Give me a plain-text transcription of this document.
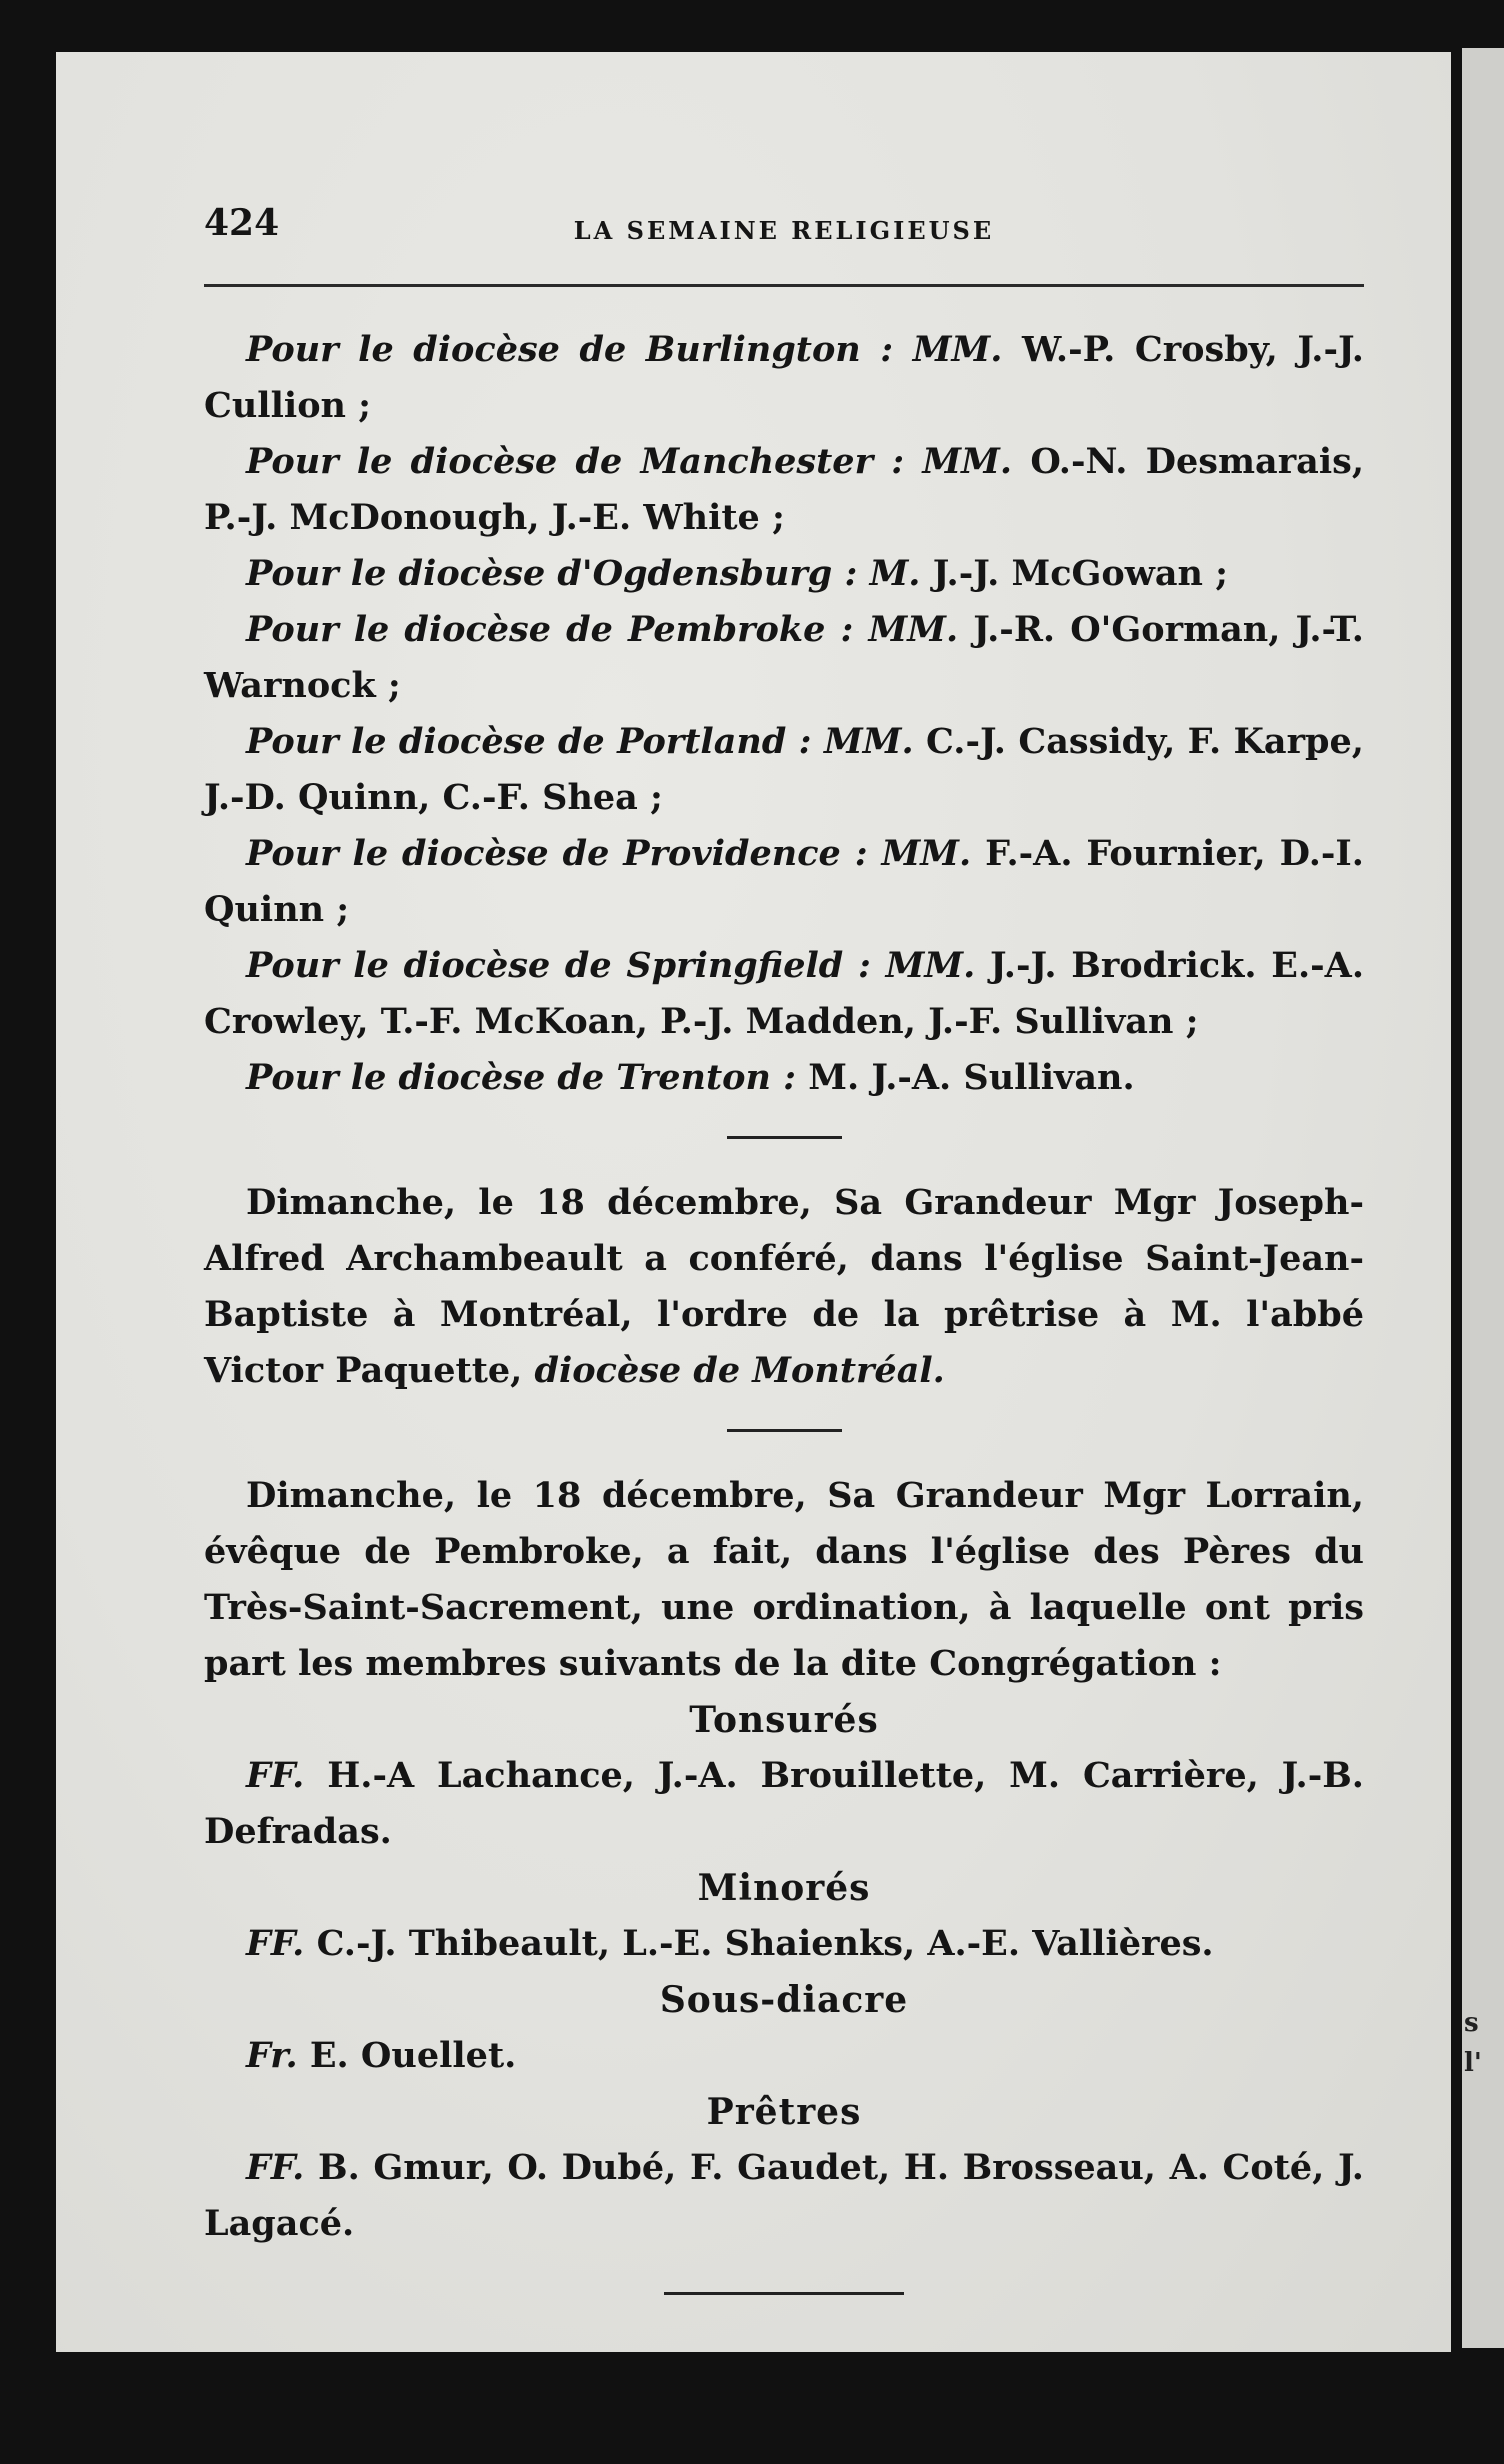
s
l'
424	LA SEMAINE RELIGIEUSE

Pour le diocèse de Burlington : MM. W.-P. Crosby, J.-J. Cullion ;

Pour le diocèse de Manchester : MM. O.-N. Desmarais, P.-J. McDonough, J.-E. White ;

Pour le diocèse d'Ogdensburg : M. J.-J. McGowan ;

Pour le diocèse de Pembroke : MM. J.-R. O'Gorman, J.-T. Warnock ;

Pour le diocèse de Portland : MM. C.-J. Cassidy, F. Karpe, J.-D. Quinn, C.-F. Shea ;

Pour le diocèse de Providence : MM. F.-A. Fournier, D.-I. Quinn ;

Pour le diocèse de Springfield : MM. J.-J. Brodrick. E.-A. Crowley, T.-F. McKoan, P.-J. Madden, J.-F. Sullivan ;

Pour le diocèse de Trenton : M. J.-A. Sullivan.

Dimanche, le 18 décembre, Sa Grandeur Mgr Joseph-Alfred Archambeault a conféré, dans l'église Saint-Jean-Baptiste à Montréal, l'ordre de la prêtrise à M. l'abbé Victor Paquette, diocèse de Montréal.

Dimanche, le 18 décembre, Sa Grandeur Mgr Lorrain, évêque de Pembroke, a fait, dans l'église des Pères du Très-Saint-Sacrement, une ordination, à laquelle ont pris part les membres suivants de la dite Congrégation :

Tonsurés

FF. H.-A Lachance, J.-A. Brouillette, M. Carrière, J.-B. Defradas.

Minorés

FF. C.-J. Thibeault, L.-E. Shaienks, A.-E. Vallières.

Sous-diacre

Fr. E. Ouellet.

Prêtres

FF. B. Gmur, O. Dubé, F. Gaudet, H. Brosseau, A. Coté, J. Lagacé.
